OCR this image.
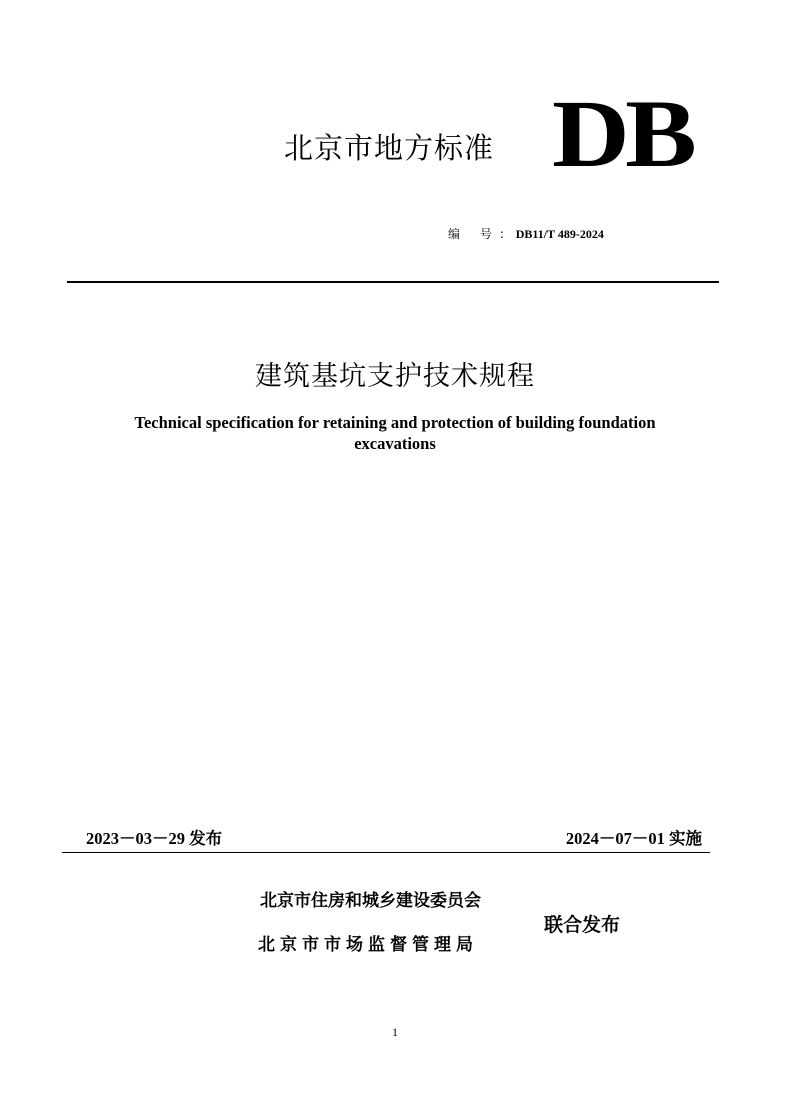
北京市地方标准 DB
编 号: DB11/T 489-2024
建筑基坑支护技术规程
Technical specification for retaining and protection of building foundation excavations
2023－03－29 发布	2024－07－01 实施
北京市住房和城乡建设委员会
北京市市场监督管理局
联合发布
1
